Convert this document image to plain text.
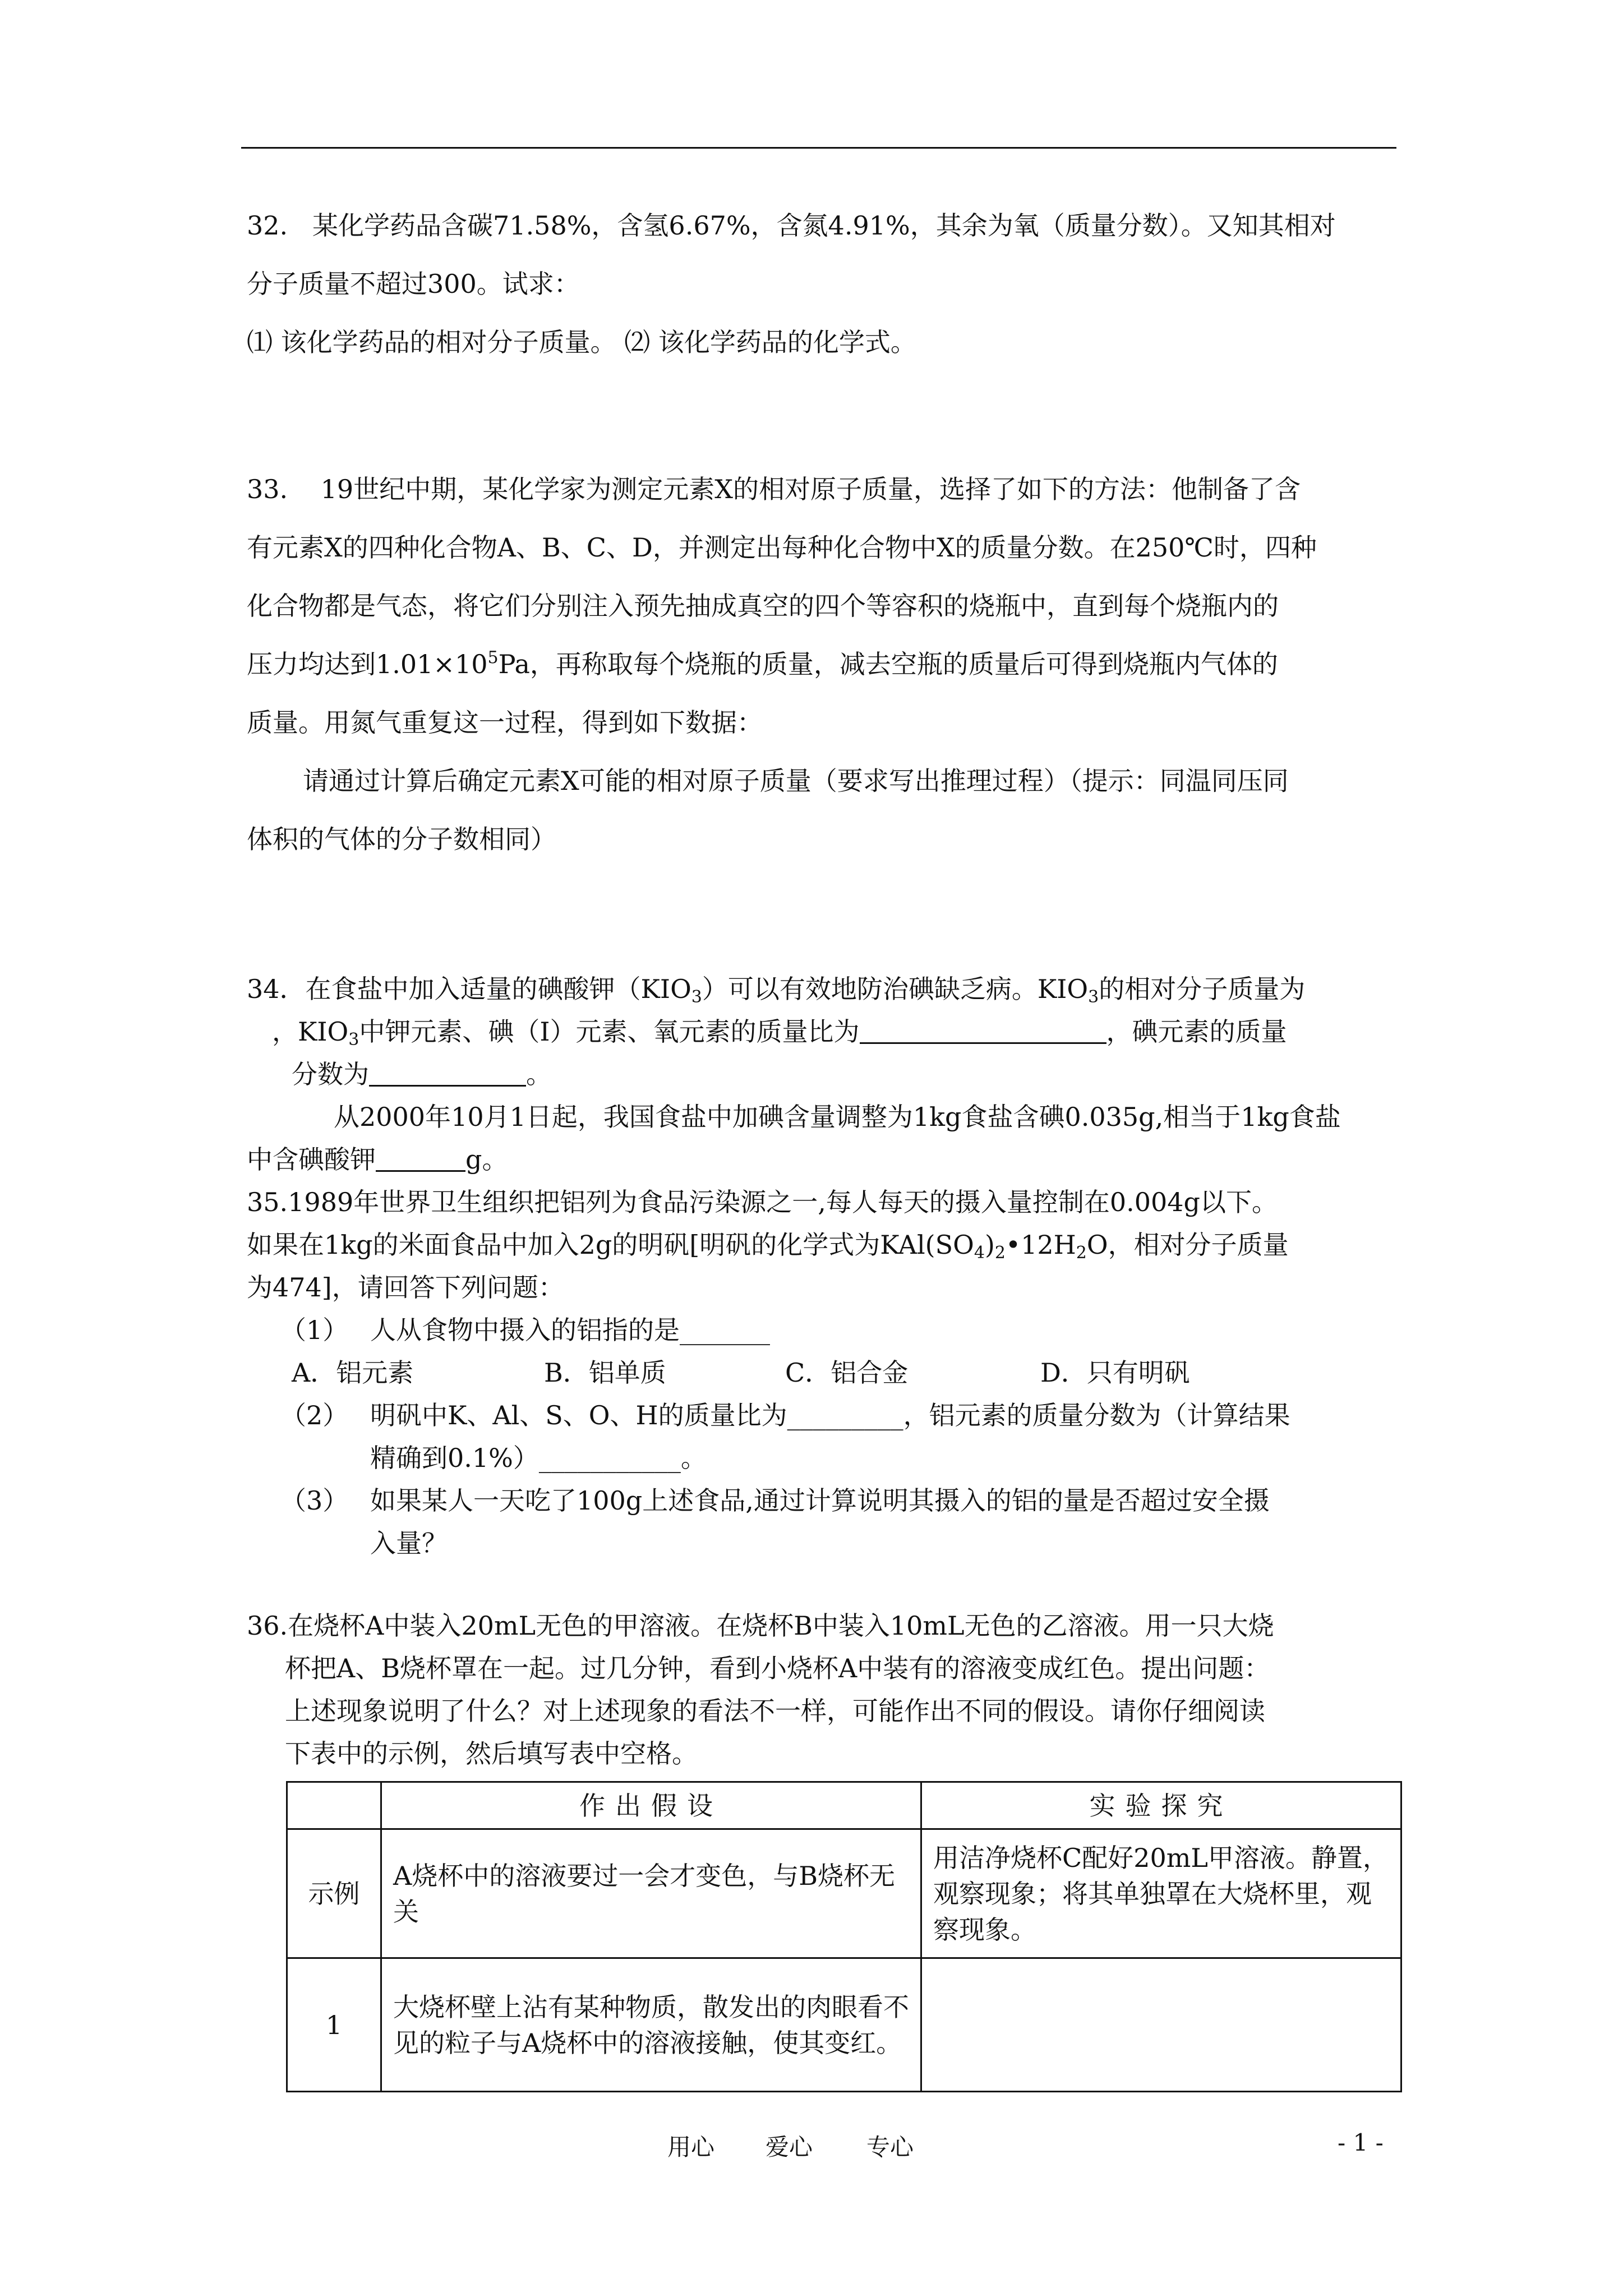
32. 某化学药品含碳71.58%，含氢6.67%，含氮4.91%，其余为氧（质量分数）。又知其相对
分子质量不超过300。试求：
⑴ 该化学药品的相对分子质量。 ⑵ 该化学药品的化学式。
33. 19世纪中期，某化学家为测定元素X的相对原子质量，选择了如下的方法：他制备了含
有元素X的四种化合物A、B、C、D，并测定出每种化合物中X的质量分数。在250℃时，四种
化合物都是气态，将它们分别注入预先抽成真空的四个等容积的烧瓶中，直到每个烧瓶内的
压力均达到$1.01\times 10^5Pa$，再称取每个烧瓶的质量，减去空瓶的质量后可得到烧瓶内气体的
质量。用氮气重复这一过程，得到如下数据：
请通过计算后确定元素X可能的相对原子质量（要求写出推理过程）（提示：同温同压同
体积的气体的分子数相同）
34．在食盐中加入适量的碘酸钾$(KIO_3)$可以有效地防治碘缺乏病。$KIO_3$的相对分子质量为
，$KIO_3$中钾元素、碘（I）元素、氧元素的质量比为	，碘元素的质量
分数为	。
从2000年10月1日起，我国食盐中加碘含量调整为1kg食盐含碘0.035g,相当于1kg食盐
中含碘酸钾	g。
35.1989年世界卫生组织把铝列为食品污染源之一,每人每天的摄入量控制在0.004g以下。
如果在1kg的米面食品中加入2g的明矾[明矾的化学式为$KAl(SO_4)_2•12H_2O$，相对分子质量
为474]，请回答下列问题：
（1） 人从食物中摄入的铝指的是_______
A．铝元素	B．铝单质	C．铝合金	D．只有明矾
（2） 明矾中K、Al、S、O、H的质量比为_________，铝元素的质量分数为（计算结果
精确到0.1%）___________。
（3） 如果某人一天吃了100g上述食品,通过计算说明其摄入的铝的量是否超过安全摄
入量？
36.在烧杯A中装入20mL无色的甲溶液。在烧杯B中装入10mL无色的乙溶液。用一只大烧
杯把A、B烧杯罩在一起。过几分钟，看到小烧杯A中装有的溶液变成红色。提出问题：
上述现象说明了什么？对上述现象的看法不一样，可能作出不同的假设。请你仔细阅读
下表中的示例，然后填写表中空格。
	作出假设	实验探究
示例	A烧杯中的溶液要过一会才变色，与B烧杯无关	用洁净烧杯C配好20mL甲溶液。静置，观察现象；将其单独罩在大烧杯里，观察现象。
1	大烧杯壁上沾有某种物质，散发出的肉眼看不见的粒子与A烧杯中的溶液接触，使其变红。	
用心 爱心 专心	- 1 -
